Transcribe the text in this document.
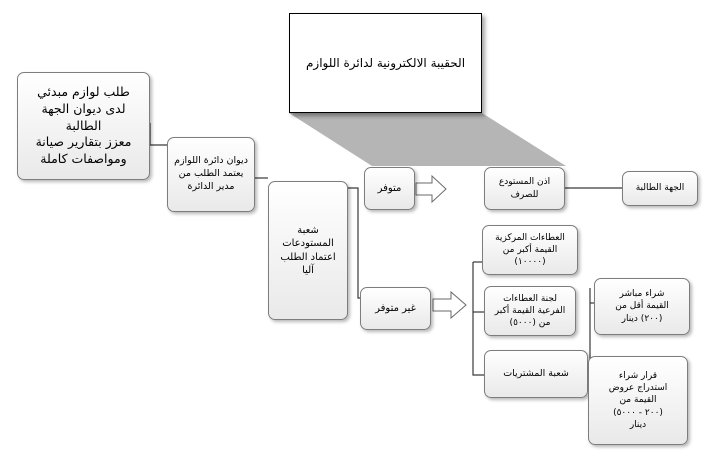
الحقيبة الالكترونية لدائرة اللوازم
طلب لوازم مبدئي
لدى ديوان الجهة الطالبة
معزز بتقارير صيانة
ومواصفات كاملة	ديوان دائرة اللوازم
يعتمد الطلب من
مدير الدائرة
شعبة
المستودعات
اعتماد الطلب
آليا
متوفر
غير متوفر
اذن المستودع
للصرف
الجهة الطالبة
العطاءات المركزية
القيمة أكبر من
(١٠٠٠٠)
لجنة العطاءات
الفرعية القيمة أكبر
من (٥٠٠٠)
شعبة المشتريات
شراء مباشر
القيمة أقل من
(٢٠٠) دينار
قرار شراء
استدراج عروض
القيمة من
(٢٠٠ - ٥٠٠٠)
دينار
